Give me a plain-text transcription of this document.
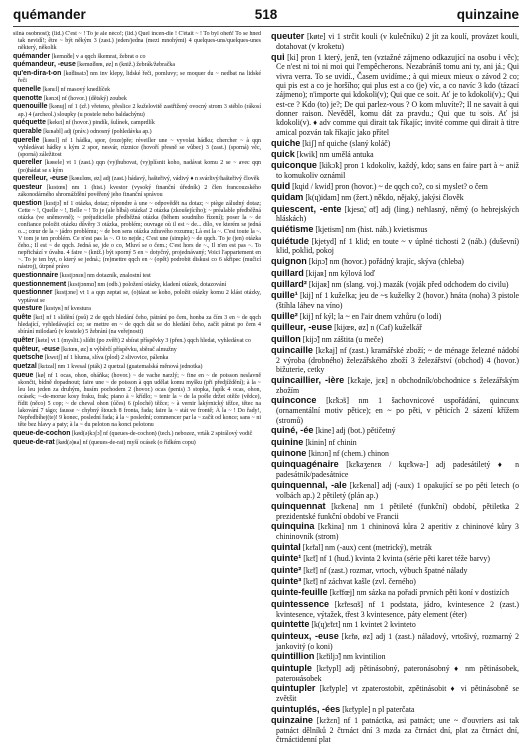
quémander	518	quinzaine

silná osobnost); (lid.) C'est ~ ! To je ale néco!; (lid.) Quel incen-die ! C'était ~ ! To byl oheň! To se hned tak nevidí!; être ~ být někým 3 (zast.) jeden/jedna (mezi mnohými) 4 quelques-uns/quelques-unes některý, několik

quémander [kemɑ̃de] v a qqch škemrat, žebrat o co

quémandeur, -euse [kemɑ̃dœʀ, øz] n (kniž.) žebrák/žebračka

qu'en-dira-t-on [kɑ̃diʀatɔ̃] nm inv klepy, lidské řeči, pomluvy; se moquer du ~ nedbat na lidské řeči

quenelle [kənɛl] nf masový knedlíček

quenotte [kənɔt] nf (hovor.) (dětský) zoubek

quenouille [kənuj] nf 1 (zř.) vřeteno, přeslice 2 kuželovitě zastřižený ovocný strom 3 stéblo (rákosí ap.) 4 (archeol.) sloupky (u postele nebo baldachýnu)

quéquette [kekɛt] nf (hovor.) pindík, šulínek, camprdlík

querable [kɛʀabl] adj (práv.) odnosný (pohledávka ap.)

querelle [kəʀɛl] nf 1 hádka, spor, (roze)pře; réveiller une ~ vyvolat hádku; chercher ~ à qqn vyhledávat hádky s kým 2 spor, nesvár, různice (hovoří přesně se vůbec) 3 (zast.) (sporná) věc, (sporná) záležitost

quereller [kəʀele] vt 1 (zast.) qqn (vy)hubovat, (vy)plísnit koho, nadávat komu 2 se ~ avec qqn (po)hádat se s kým

querelleur, -euse [kəʀɛlœʀ, øz] adj (zast.) hádavý, hašteřivý, vádivý ♦ n svárlivý/hašteřivý člověk

questeur [kɛstœʀ] nm 1 (hist.) kvestor (vysoký finanční úředník) 2 člen francouzského zákonodárného shromáždění pověřený jeho finanční správou

question [kɛstjɔ̃] nf 1 otázka, dotaz; répondre à une ~ odpovědět na dotaz; ~ piège záludný dotaz; Cette ~ !, Quelle ~ !, Belle ~ ! To je (ale blbá) otázka! 2 otázka (zkoušejícího); ~ préalable předběžná otázka (ve sněmovně); ~ préjudicielle předběžná otázka (během soudního řízení); poser la ~ de confiance položit otázku důvěry 3 otázka, problém; ouvrage où il est ~ de... dílo, ve kterém se jedná o...; cœur de la ~ jádro problému; ~ de bon sens otázka zdravého rozumu; Là est la ~. C'est toute la ~. V tom je ten problém. Ce n'est pas la ~. O to nejde.; C'est une (simple) ~ de qqch. To je (jen) otázka čeho.; Il est ~ de qqch. Jedná se, jde o co, Mluví se o čem.; C'est hors de ~., Il n'en est pas ~. To nepřichází v úvahu. 4 faire ~ (kniž.) být sporný 5 en ~ dotyčný, projednávaný; Voici l'appartement en ~. To je ten byt, o který se jedná.; (re)mettre qqch en ~ (opět) podrobit diskusi co 6 skřipec (mučicí nástroj), útrpné právo

questionnaire [kɛstjɔnɛʀ] nm dotazník, znalostní test

questionnement [kɛstjɔnmɑ̃] nm (odb.) položení otázky, kladení otázek, dotazování

questionner [kɛstjɔne] vt 1 a qqn zeptat se, (o)tázat se koho, položit otázky komu 2 klást otázky, vyptávat se

questure [kɛstyʀ] nf kvestura

quête [kɛt] nf 1 slídění (psů) 2 de qqch hledání čeho, pátrání po čem, honba za čím 3 en ~ de qqch hledající, vyhledávající co; se mettre en ~ de qqch dát se do hledání čeho, začít pátrat po čem 4 sbírání milodarů (v kostele) 5 žebrání (na veřejnosti)

quêter [kete] vt 1 (myslit.) slídit (po zvěři) 2 sbírat příspěvky 3 (přen.) qqch hledat, vyhledávat co

quêteur, -euse [kɛtœʀ, øz] n výběrčí příspěvku, sběrač almužny

quetsche [kwɛtʃ] nf 1 bluma, slíva (plod) 2 slivovice, pálenka

quetzal [kɛtzal] nm 1 kvesal (pták) 2 quetzal (guatemalská měnová jednotka)

queue [kø] nf 1 ocas, ohon, oháňka; (hovor.) ~ de vache narzlý; ~ fine en ~ de poisson neslavně skončit, bídně dopadnout; faire une ~ de poisson à qqn udělat komu myšku (při předjíždění); à la ~ leu leu jeden za druhým, husím pochodem 2 (hovor.) ocas (penis) 3 stopka, řapík 4 ocas, ohon, ocásek; ~-de-morue kosy fraku, frak; piano à ~ křídlo; ~ tenir la ~ de la poêle držet otěže (vědce), řídit (něco) 5 cop; ~ de cheval ohon (účes) 6 (ploché) těžce; ~ à vernir lakýrnický těžce, tětec na lakování 7 tágo; fausse ~ chybný štouch 8 fronta, řada; faire la ~ stát ve frontě; À la ~ ! Do řady!, Nepředbíhej(te)! 9 konec, poslední řada; à la ~ poslední; commencer par la ~ začít od konce; sans ~ ni tête bez hlavy a paty; à la ~ du peloton na konci pelotonu

queue-de-cochon [kød(ə)kɔʃɔ̃] nf (queues-de-cochon) (tech.) nebozez, vrták 2 spirálový vodič

queue-de-rat [kød(ə)ʀa] nf (queues-de-rat) myší ocásek (o řídkém copu)

queuter [køte] vi 1 strčit kouli (v kulečníku) 2 jít za koulí, provázet kouli, dotahovat (v kroketu)

qui [ki] pron 1 který, jenž, ten (vztažné zájmeno odkazující na osobu i věc); Ce n'est ni toi ni moi qui l'empêcherons. Nezabráníš tomu ani ty, ani já.; Qui vivra verra. To se uvidí., Časem uvidíme.; à qui mieux mieux o závod 2 co; qui pis est a co je horšího; qui plus est a co (je) víc, a co navíc 3 kdo (tázací zájmeno); n'importe qui kdokoli(v); Qui que ce soit. Ať je to kdokoli(v).; Qui est-ce ? Kdo (to) je?; De qui parlez-vous ? O kom mluvíte?; Il ne savait à qui donner raison. Nevěděl, komu dát za pravdu.; Qui que tu sois. Ať jsi kdokoli(v). ♦ adv comme qui dirait tak říkajíc; invité comme qui dirait à titre amical pozván tak říkajíc jako přítel

quiche [kiʃ] nf quiche (slaný koláč)

quick [kwik] nm umělá antuka

quiconque [kikɔ̃k] pron 1 kdokoliv, každý, kdo; sans en faire part à ~ aniž to komukoliv oznámil

quid [kɥid / kwid] pron (hovor.) ~ de qqch co?, co si myslet? o čem

quidam [k(ɥ)idam] nm (žert.) někdo, nějaký, jakýsi člověk

quiescent, -ente [kjesɑ̃, ɑ̃t] adj (ling.) neհlasný, němý (o hebrejských hláskách)

quiétisme [kjetism] nm (hist. náb.) kvietismus

quiétude [kjetyd] nf 1 klid; en toute ~ v úplné tichosti 2 (náb.) (duševní) klid, pokl̇id, pokoj

quignon [kiɲɔ̃] nm (hovor.) pořádný krajíc, skýva (chleba)

quillard [kijaʀ] nm kýlová loď

quillard² [kijaʀ] nm (slang. voj.) mazák (voják před odchodem do civilu)

quille¹ [kij] nf 1 kuželka; jeu de ~s kuželky 2 (hovor.) hnáta (noha) 3 pistole (štíhla láhev na víno)

quille² [kij] nf kýl; la ~ en l'air dnem vzhůru (o lodi)

quilleur, -euse [kijœʀ, øz] n (Caf) kuželkář

quillon [kijɔ̃] nm záštita (u meče)

quincaille [kɛ̃kaj] nf (zast.) kramářské zboží; ~ de ménage železné nádobí 2 výroba (drobného) železářského zboží 3 železářství (obchod) 4 (hovor.) bižuterie, cetky

quincaillier, -ière [kɛ̃kaje, jɛʀ] n obchodník/obchodnice s železářským zbožím

quinconce [kɛ̃kɔ̃s] nm 1 šachovnicové uspořádání, quincunx (ornamentální motiv pětice); en ~ po pěti, v pěticích 2 sázení křížem (stromů)

quiné, -ée [kine] adj (bot.) pětičetný

quinine [kinin] nf chinin

quinone [kinɔn] nf (chem.) chinon

quinquagénaire [kɛ̃kaʒenɛʀ / kɥɛ̃kwa-] adj padesátiletý ♦ n padesátník/padesátnice

quinquennal, -ale [kɛ̃kenal] adj (-aux) 1 opakující se po pěti letech (o volbách ap.) 2 pětiletý (plán ap.)

quinquennat [kɛ̃kena] nm 1 pětileté (funkční) období, pětiletka 2 prezidentské funkční období ve Francii

quinquina [kɛ̃kina] nm 1 chininová kůra 2 aperitiv z chininové kůry 3 chininovník (strom)

quintal [kɛ̃tal] nm (-aux) cent (metrický), metrák

quinte¹ [kɛ̃t] nf 1 (hud.) kvinta 2 kvinta (série pěti karet téže barvy)

quinte² [kɛ̃t] nf (zast.) rozmar, vrtoch, výbuch špatné nálady

quinte³ [kɛ̃t] nf záchvat kašle (zvl. černého)

quinte-feuille [kɛ̃tfœj] nm sázka na pořadí prvních pěti koní v dostizích

quintessence [kɛ̃tesɑ̃s] nf 1 podstata, jádro, kvintesence 2 (zast.) kvintesence, výtažek, třest 3 kvintesence, páty element (éter)

quintette [k(ɥ)ɛ̃tɛt] nm 1 kvintet 2 kvinteto

quinteux, -euse [kɛ̃tø, øz] adj 1 (zast.) náladový, vrtošivý, rozmarný 2 jankovitý (o koni)

quintillion [kɛ̃tiljɔ̃] nm kvintilion

quintuple [kɛ̃typl] adj pětinásobný, pateronásobný ♦ nm pětinásobek, paterонásobek

quintupler [kɛ̃typle] vt zpaterostobit, zpětinásobit ♦ vi pětinásobně se zvětšit

quintuplés, -ées [kɛ̃typle] n pl paterčata

quinzaine [kɛ̃zɛn] nf 1 patnáctka, asi patnáct; une ~ d'ouvriers asi tak patnáct dělníků 2 čtrnáct dní 3 mzda za čtrnáct dní, plat za čtrnáct dní, čtrnáctidenní plat
